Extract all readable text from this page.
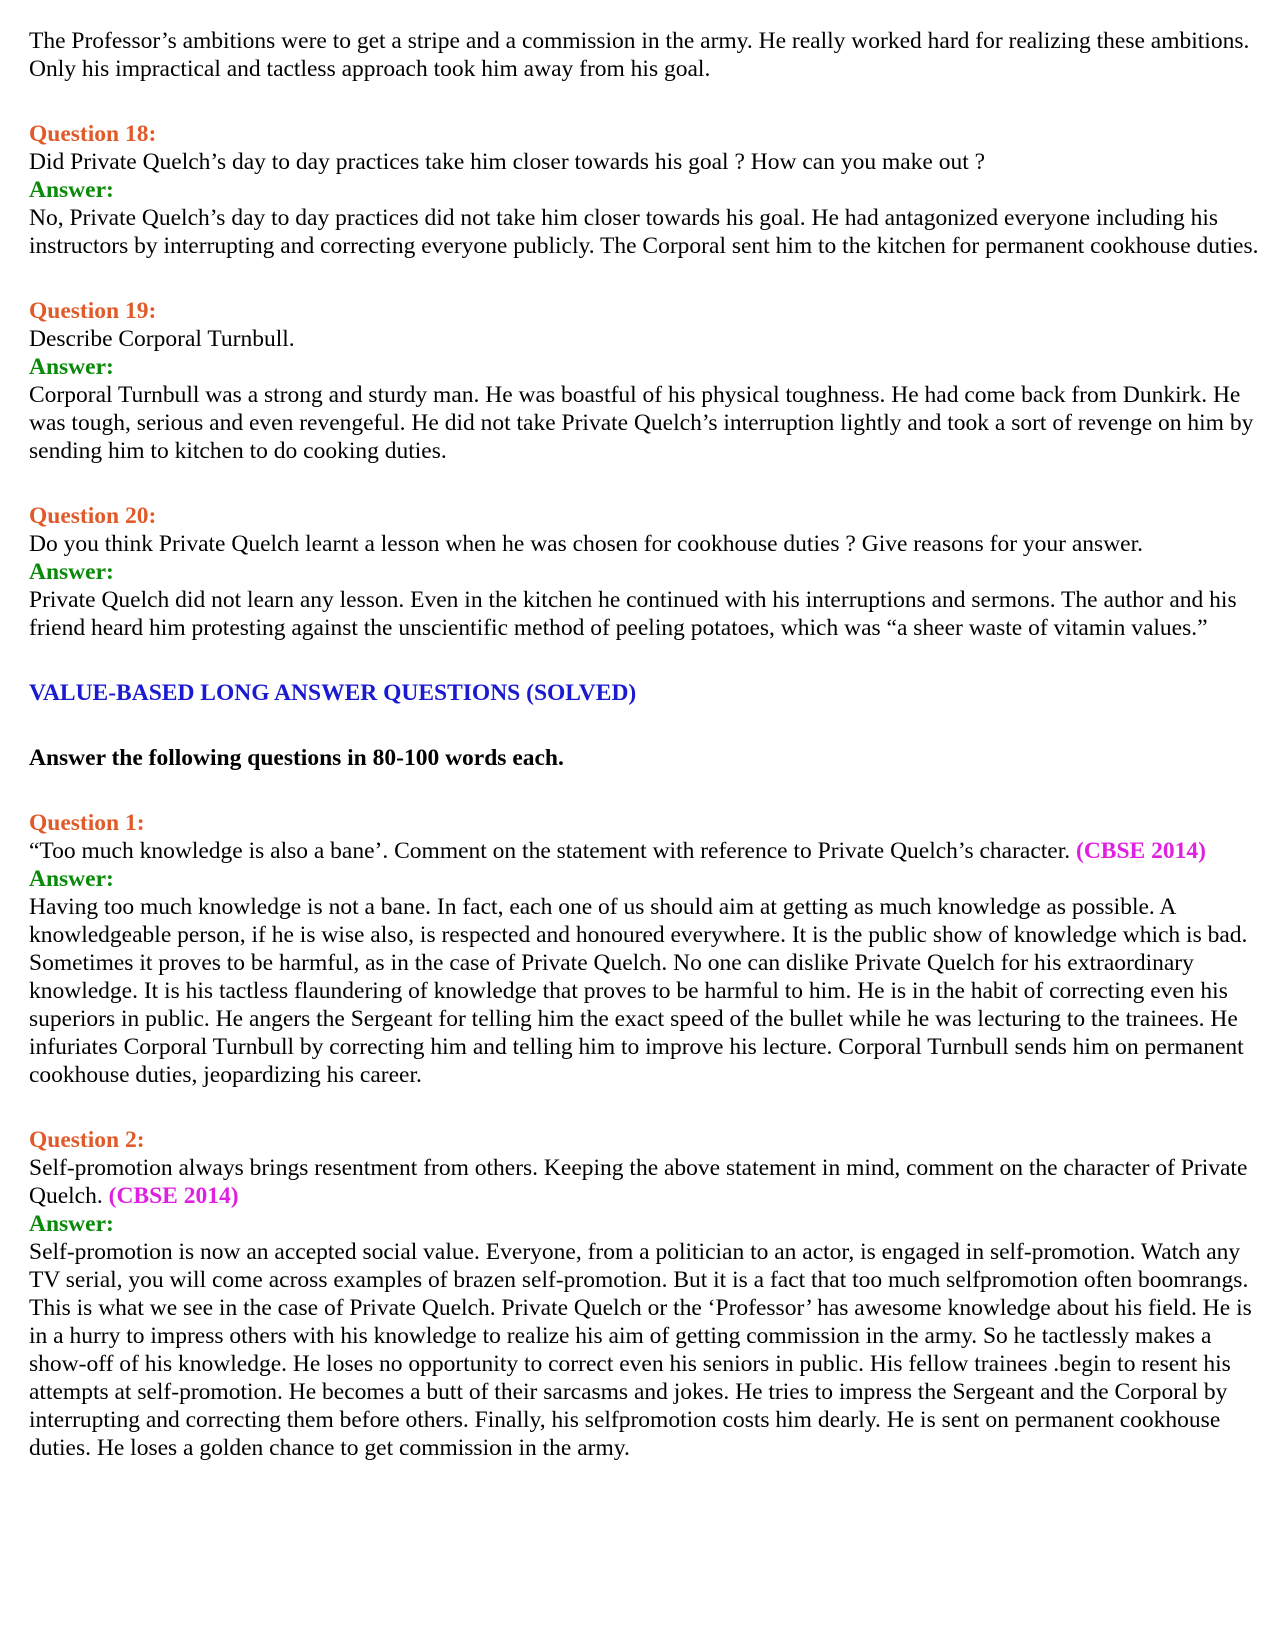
The Professor’s ambitions were to get a stripe and a commission in the army. He really worked hard for realizing these ambitions. Only his impractical and tactless approach took him away from his goal.

Question 18:

Did Private Quelch’s day to day practices take him closer towards his goal ? How can you make out ?

Answer:

No, Private Quelch’s day to day practices did not take him closer towards his goal. He had antagonized everyone including his instructors by interrupting and correcting everyone publicly. The Corporal sent him to the kitchen for permanent cookhouse duties.

Question 19:

Describe Corporal Turnbull.

Answer:

Corporal Turnbull was a strong and sturdy man. He was boastful of his physical toughness. He had come back from Dunkirk. He was tough, serious and even revengeful. He did not take Private Quelch’s interruption lightly and took a sort of revenge on him by sending him to kitchen to do cooking duties.

Question 20:

Do you think Private Quelch learnt a lesson when he was chosen for cookhouse duties ? Give reasons for your answer.

Answer:

Private Quelch did not learn any lesson. Even in the kitchen he continued with his interruptions and sermons. The author and his friend heard him protesting against the unscientific method of peeling potatoes, which was “a sheer waste of vitamin values.”

VALUE-BASED LONG ANSWER QUESTIONS (SOLVED)

Answer the following questions in 80-100 words each.

Question 1:

“Too much knowledge is also a bane’. Comment on the statement with reference to Private Quelch’s character. (CBSE 2014)

Answer:

Having too much knowledge is not a bane. In fact, each one of us should aim at getting as much knowledge as possible. A knowledgeable person, if he is wise also, is respected and honoured everywhere. It is the public show of knowledge which is bad. Sometimes it proves to be harmful, as in the case of Private Quelch. No one can dislike Private Quelch for his extraordinary knowledge. It is his tactless flaundering of knowledge that proves to be harmful to him. He is in the habit of correcting even his superiors in public. He angers the Sergeant for telling him the exact speed of the bullet while he was lecturing to the trainees. He infuriates Corporal Turnbull by correcting him and telling him to improve his lecture. Corporal Turnbull sends him on permanent cookhouse duties, jeopardizing his career.

Question 2:

Self-promotion always brings resentment from others. Keeping the above statement in mind, comment on the character of Private Quelch. (CBSE 2014)

Answer:

Self-promotion is now an accepted social value. Everyone, from a politician to an actor, is engaged in self-promotion. Watch any TV serial, you will come across examples of brazen self-promotion. But it is a fact that too much selfpromotion often boomrangs. This is what we see in the case of Private Quelch. Private Quelch or the ‘Professor’ has awesome knowledge about his field. He is in a hurry to impress others with his knowledge to realize his aim of getting commission in the army. So he tactlessly makes a show-off of his knowledge. He loses no opportunity to correct even his seniors in public. His fellow trainees .begin to resent his attempts at self-promotion. He becomes a butt of their sarcasms and jokes. He tries to impress the Sergeant and the Corporal by interrupting and correcting them before others. Finally, his selfpromotion costs him dearly. He is sent on permanent cookhouse duties. He loses a golden chance to get commission in the army.
